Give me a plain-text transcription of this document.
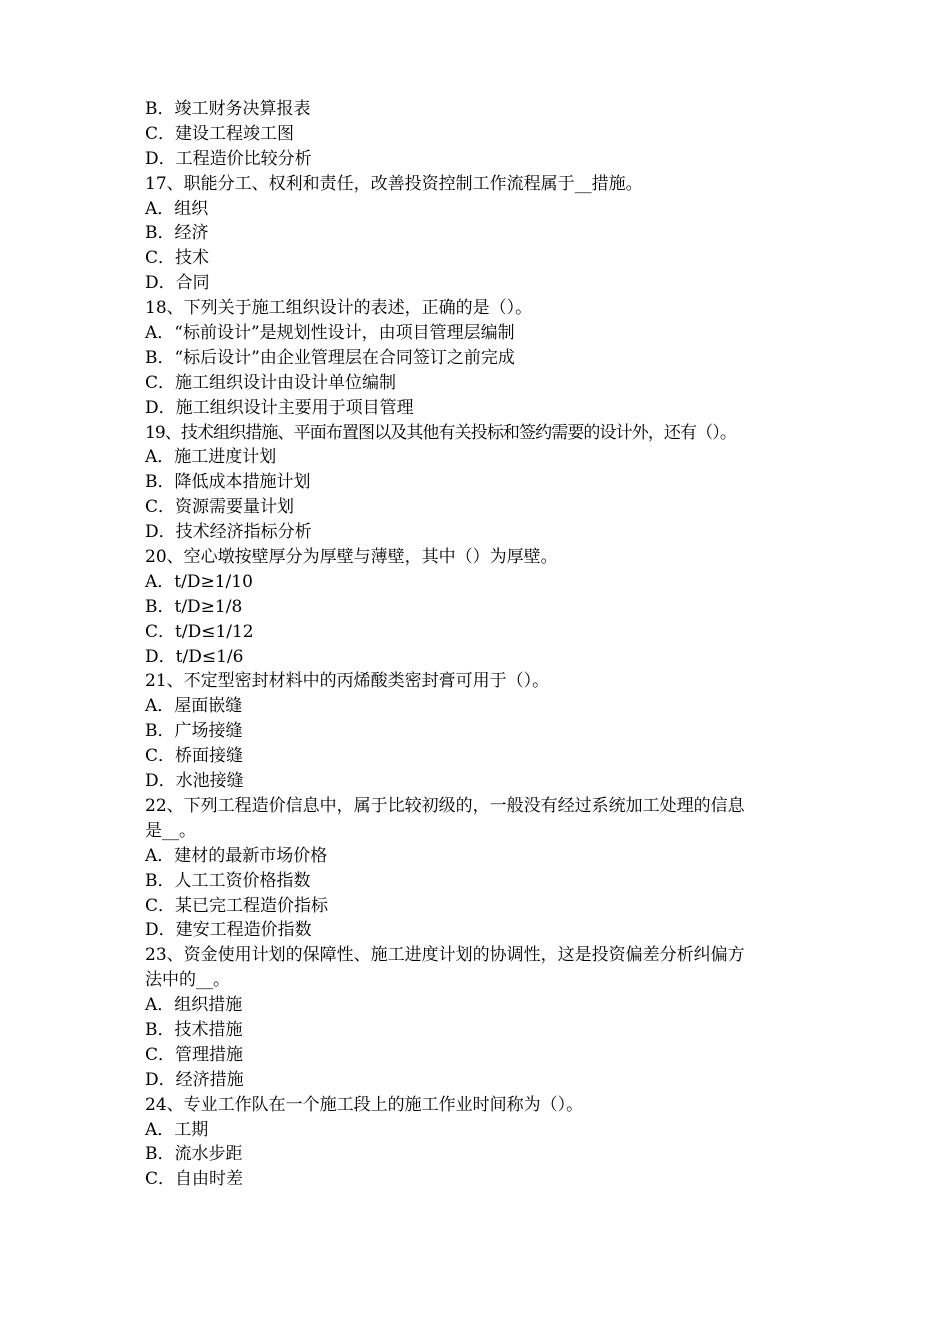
B．竣工财务决算报表
C．建设工程竣工图
D．工程造价比较分析
17、职能分工、权利和责任，改善投资控制工作流程属于__措施。
A．组织
B．经济
C．技术
D．合同
18、下列关于施工组织设计的表述，正确的是（）。
A．“标前设计”是规划性设计，由项目管理层编制
B．“标后设计”由企业管理层在合同签订之前完成
C．施工组织设计由设计单位编制
D．施工组织设计主要用于项目管理
19、技术组织措施、平面布置图以及其他有关投标和签约需要的设计外，还有（）。
A．施工进度计划
B．降低成本措施计划
C．资源需要量计划
D．技术经济指标分析
20、空心墩按壁厚分为厚壁与薄壁，其中（）为厚壁。
A．t/D≥1/10
B．t/D≥1/8
C．t/D≤1/12
D．t/D≤1/6
21、不定型密封材料中的丙烯酸类密封膏可用于（）。
A．屋面嵌缝
B．广场接缝
C．桥面接缝
D．水池接缝
22、下列工程造价信息中，属于比较初级的，一般没有经过系统加工处理的信息
是__。
A．建材的最新市场价格
B．人工工资价格指数
C．某已完工程造价指标
D．建安工程造价指数
23、资金使用计划的保障性、施工进度计划的协调性，这是投资偏差分析纠偏方
法中的__。
A．组织措施
B．技术措施
C．管理措施
D．经济措施
24、专业工作队在一个施工段上的施工作业时间称为（）。
A．工期
B．流水步距
C．自由时差
